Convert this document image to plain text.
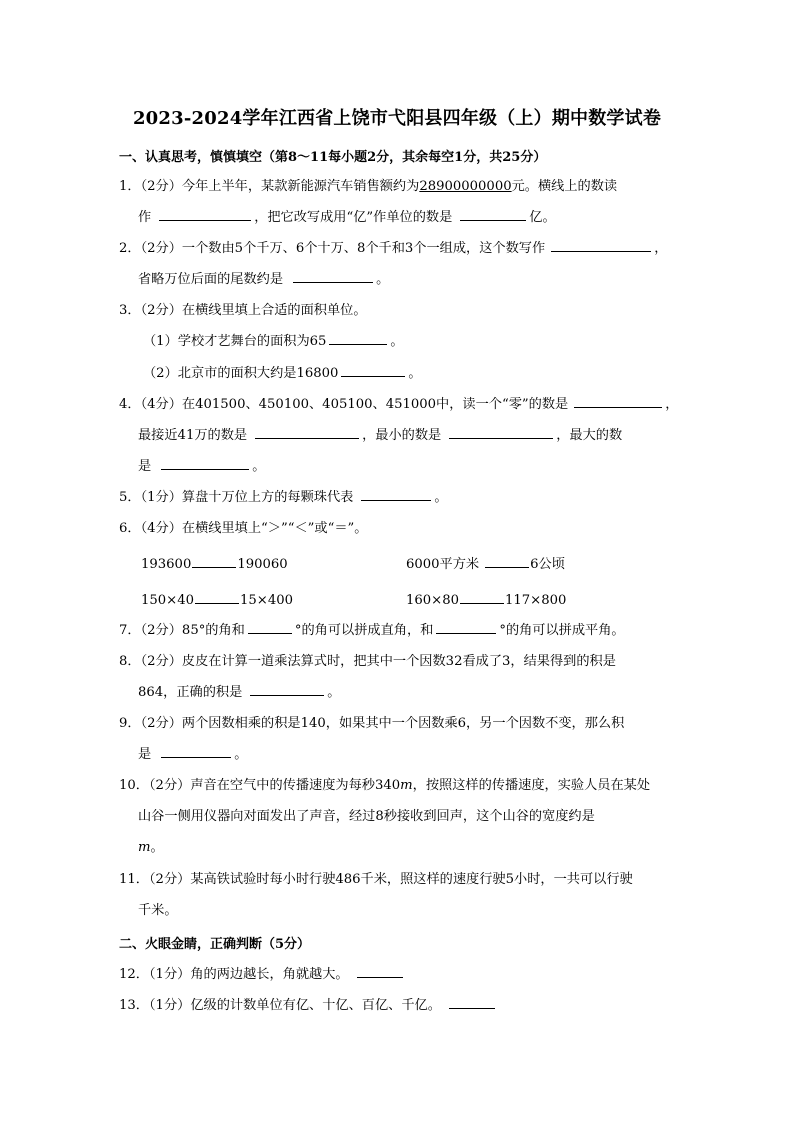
2023-2024学年江西省上饶市弋阳县四年级（上）期中数学试卷
一、认真思考，慎慎填空（第8～11每小题2分，其余每空1分，共25分）
1．（2分）今年上半年，某款新能源汽车销售额约为28900000000元。横线上的数读
作	，把它改写成用“亿”作单位的数是	亿。
2．（2分）一个数由5个千万、6个十万、8个千和3个一组成，这个数写作	，
省略万位后面的尾数约是	。
3．（2分）在横线里填上合适的面积单位。
（1）学校才艺舞台的面积为65	。
（2）北京市的面积大约是16800	。
4．（4分）在401500、450100、405100、451000中，读一个“零”的数是	，
最接近41万的数是	，最小的数是	，最大的数
是	。
5．（1分）算盘十万位上方的每颗珠代表	。
6．（4分）在横线里填上“＞”“＜”或“＝”。
193600	190060	6000平方米	6公顷
150×40	15×400	160×80	117×800
7．（2分）85°的角和	°的角可以拼成直角，和	°的角可以拼成平角。
8．（2分）皮皮在计算一道乘法算式时，把其中一个因数32看成了3，结果得到的积是
864，正确的积是	。
9．（2分）两个因数相乘的积是140，如果其中一个因数乘6，另一个因数不变，那么积
是	。
10．（2分）声音在空气中的传播速度为每秒340m，按照这样的传播速度，实验人员在某处
山谷一侧用仪器向对面发出了声音，经过8秒接收到回声，这个山谷的宽度约是
m。
11．（2分）某高铁试验时每小时行驶486千米，照这样的速度行驶5小时，一共可以行驶
千米。
二、火眼金睛，正确判断（5分）
12．（1分）角的两边越长，角就越大。
13．（1分）亿级的计数单位有亿、十亿、百亿、千亿。
